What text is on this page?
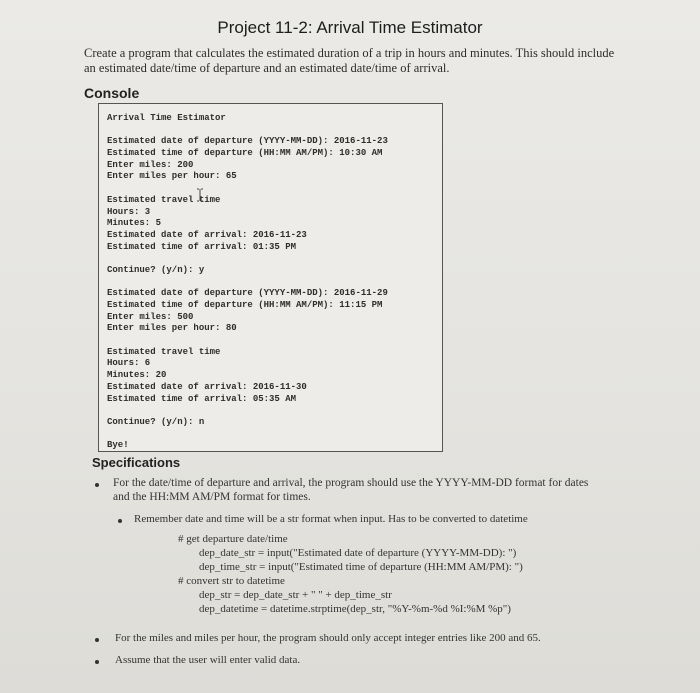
Project 11-2: Arrival Time Estimator
Create a program that calculates the estimated duration of a trip in hours and minutes. This should include an estimated date/time of departure and an estimated date/time of arrival.
Console
Arrival Time Estimator
Estimated date of departure (YYYY-MM-DD): 2016-11-23
Estimated time of departure (HH:MM AM/PM): 10:30 AM
Enter miles: 200
Enter miles per hour: 65
Estimated travel time
Hours: 3
Minutes: 5
Estimated date of arrival: 2016-11-23
Estimated time of arrival: 01:35 PM
Continue? (y/n): y
Estimated date of departure (YYYY-MM-DD): 2016-11-29
Estimated time of departure (HH:MM AM/PM): 11:15 PM
Enter miles: 500
Enter miles per hour: 80
Estimated travel time
Hours: 6
Minutes: 20
Estimated date of arrival: 2016-11-30
Estimated time of arrival: 05:35 AM
Continue? (y/n): n
Bye!
Specifications
For the date/time of departure and arrival, the program should use the YYYY-MM-DD format for dates and the HH:MM AM/PM format for times.
Remember date and time will be a str format when input. Has to be converted to datetime
# get departure date/time
dep_date_str = input("Estimated date of departure (YYYY-MM-DD): ")
dep_time_str = input("Estimated time of departure (HH:MM AM/PM): ")
# convert str to datetime
dep_str = dep_date_str + " " + dep_time_str
dep_datetime = datetime.strptime(dep_str, "%Y-%m-%d %I:%M %p")
For the miles and miles per hour, the program should only accept integer entries like 200 and 65.
Assume that the user will enter valid data.
